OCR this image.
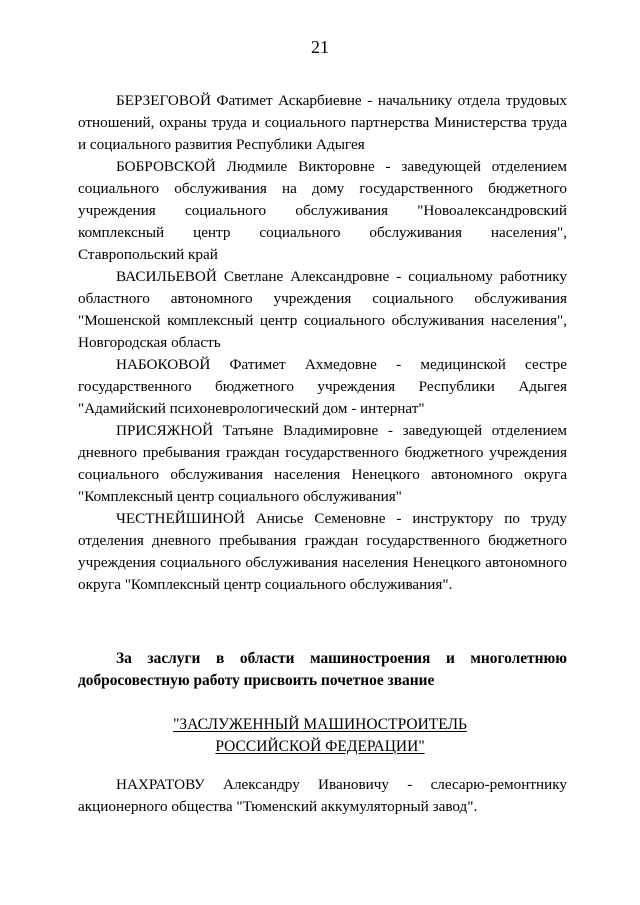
21

БЕРЗЕГОВОЙ Фатимет Аскарбиевне - начальнику отдела трудовых отношений, охраны труда и социального партнерства Министерства труда и социального развития Республики Адыгея

БОБРОВСКОЙ Людмиле Викторовне - заведующей отделением социального обслуживания на дому государственного бюджетного учреждения социального обслуживания "Новоалександровский комплексный центр социального обслуживания населения", Ставропольский край

ВАСИЛЬЕВОЙ Светлане Александровне - социальному работнику областного автономного учреждения социального обслуживания "Мошенской комплексный центр социального обслуживания населения", Новгородская область

НАБОКОВОЙ Фатимет Ахмедовне - медицинской сестре государственного бюджетного учреждения Республики Адыгея "Адамийский психоневрологический дом - интернат"

ПРИСЯЖНОЙ Татьяне Владимировне - заведующей отделением дневного пребывания граждан государственного бюджетного учреждения социального обслуживания населения Ненецкого автономного округа "Комплексный центр социального обслуживания"

ЧЕСТНЕЙШИНОЙ Анисье Семеновне - инструктору по труду отделения дневного пребывания граждан государственного бюджетного учреждения социального обслуживания населения Ненецкого автономного округа "Комплексный центр социального обслуживания".

За заслуги в области машиностроения и многолетнюю добросовестную работу присвоить почетное звание

"ЗАСЛУЖЕННЫЙ МАШИНОСТРОИТЕЛЬ
РОССИЙСКОЙ ФЕДЕРАЦИИ"

НАХРАТОВУ Александру Ивановичу - слесарю-ремонтнику акционерного общества "Тюменский аккумуляторный завод".
